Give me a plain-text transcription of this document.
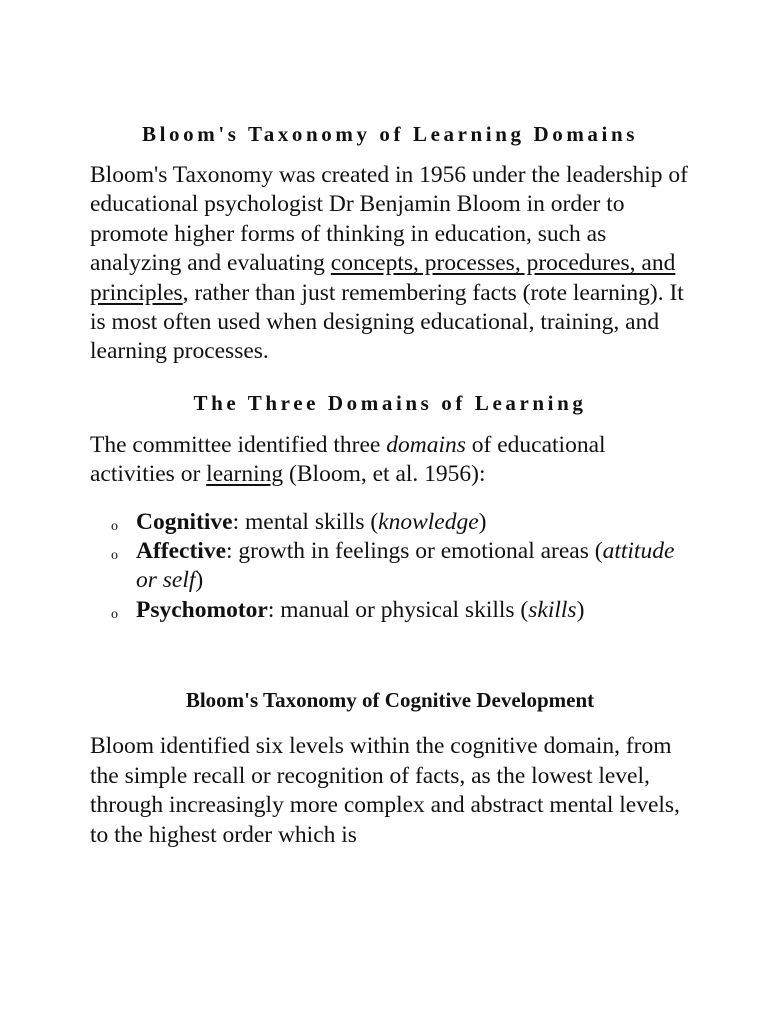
Bloom's Taxonomy of Learning Domains

Bloom's Taxonomy was created in 1956 under the leadership of educational psychologist Dr Benjamin Bloom in order to promote higher forms of thinking in education, such as analyzing and evaluating concepts, processes, procedures, and principles, rather than just remembering facts (rote learning). It is most often used when designing educational, training, and learning processes.

The Three Domains of Learning

The committee identified three domains of educational activities or learning (Bloom, et al. 1956):

o Cognitive: mental skills (knowledge)
o Affective: growth in feelings or emotional areas (attitude or self)
o Psychomotor: manual or physical skills (skills)
Bloom's Taxonomy of Cognitive Development

Bloom identified six levels within the cognitive domain, from the simple recall or recognition of facts, as the lowest level, through increasingly more complex and abstract mental levels, to the highest order which is
